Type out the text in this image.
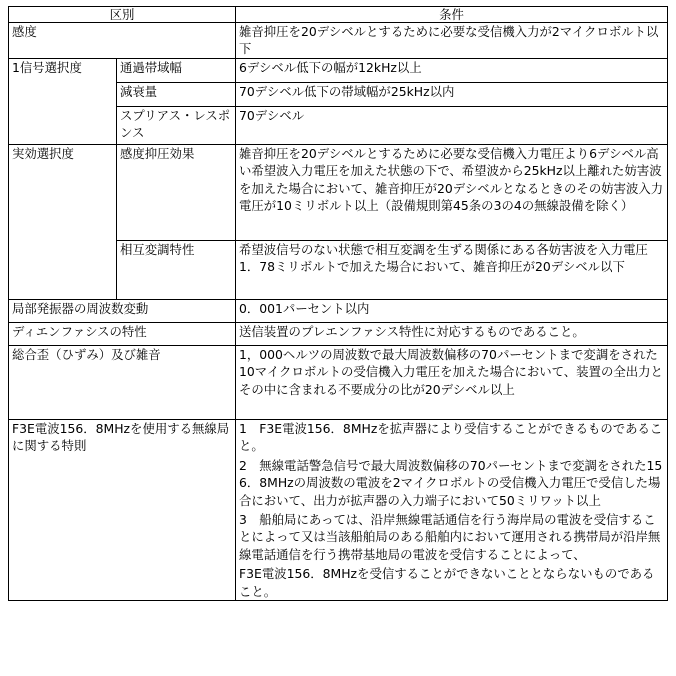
区別		条件
感度		雑音抑圧を20デシベルとするために必要な受信機入力が2マイクロボルト以下
1信号選択度	通過帯域幅	6デシベル低下の幅が12kHz以上
	減衰量	70デシベル低下の帯域幅が25kHz以内
	スプリアス・レスポンス	70デシベル
実効選択度	感度抑圧効果	雑音抑圧を20デシベルとするために必要な受信機入力電圧より6デシベル高い希望波入力電圧を加えた状態の下で、希望波から25kHz以上離れた妨害波を加えた場合において、雑音抑圧が20デシベルとなるときのその妨害波入力電圧が10ミリボルト以上（設備規則第45条の3の4の無線設備を除く）
	相互変調特性	希望波信号のない状態で相互変調を生ずる関係にある各妨害波を入力電圧1．78ミリボルトで加えた場合において、雑音抑圧が20デシベル以下
局部発振器の周波数変動		0．001パーセント以内
ディエンファシスの特性		送信装置のプレエンファシス特性に対応するものであること。
総合歪（ひずみ）及び雑音		1，000ヘルツの周波数で最大周波数偏移の70パーセントまで変調をされた10マイクロボルトの受信機入力電圧を加えた場合において、装置の全出力とその中に含まれる不要成分の比が20デシベル以上
F3E電波156．8MHzを使用する無線局に関する特則		1　F3E電波156．8MHzを拡声器により受信することができるものであること。
2　無線電話警急信号で最大周波数偏移の70パーセントまで変調をされた156．8MHzの周波数の電波を2マイクロボルトの受信機入力電圧で受信した場合において、出力が拡声器の入力端子において50ミリワット以上
3　船舶局にあっては、沿岸無線電話通信を行う海岸局の電波を受信することによって又は当該船舶局のある船舶内において運用される携帯局が沿岸無線電話通信を行う携帯基地局の電波を受信することによって、
F3E電波156．8MHzを受信することができないこととならないものであること。
